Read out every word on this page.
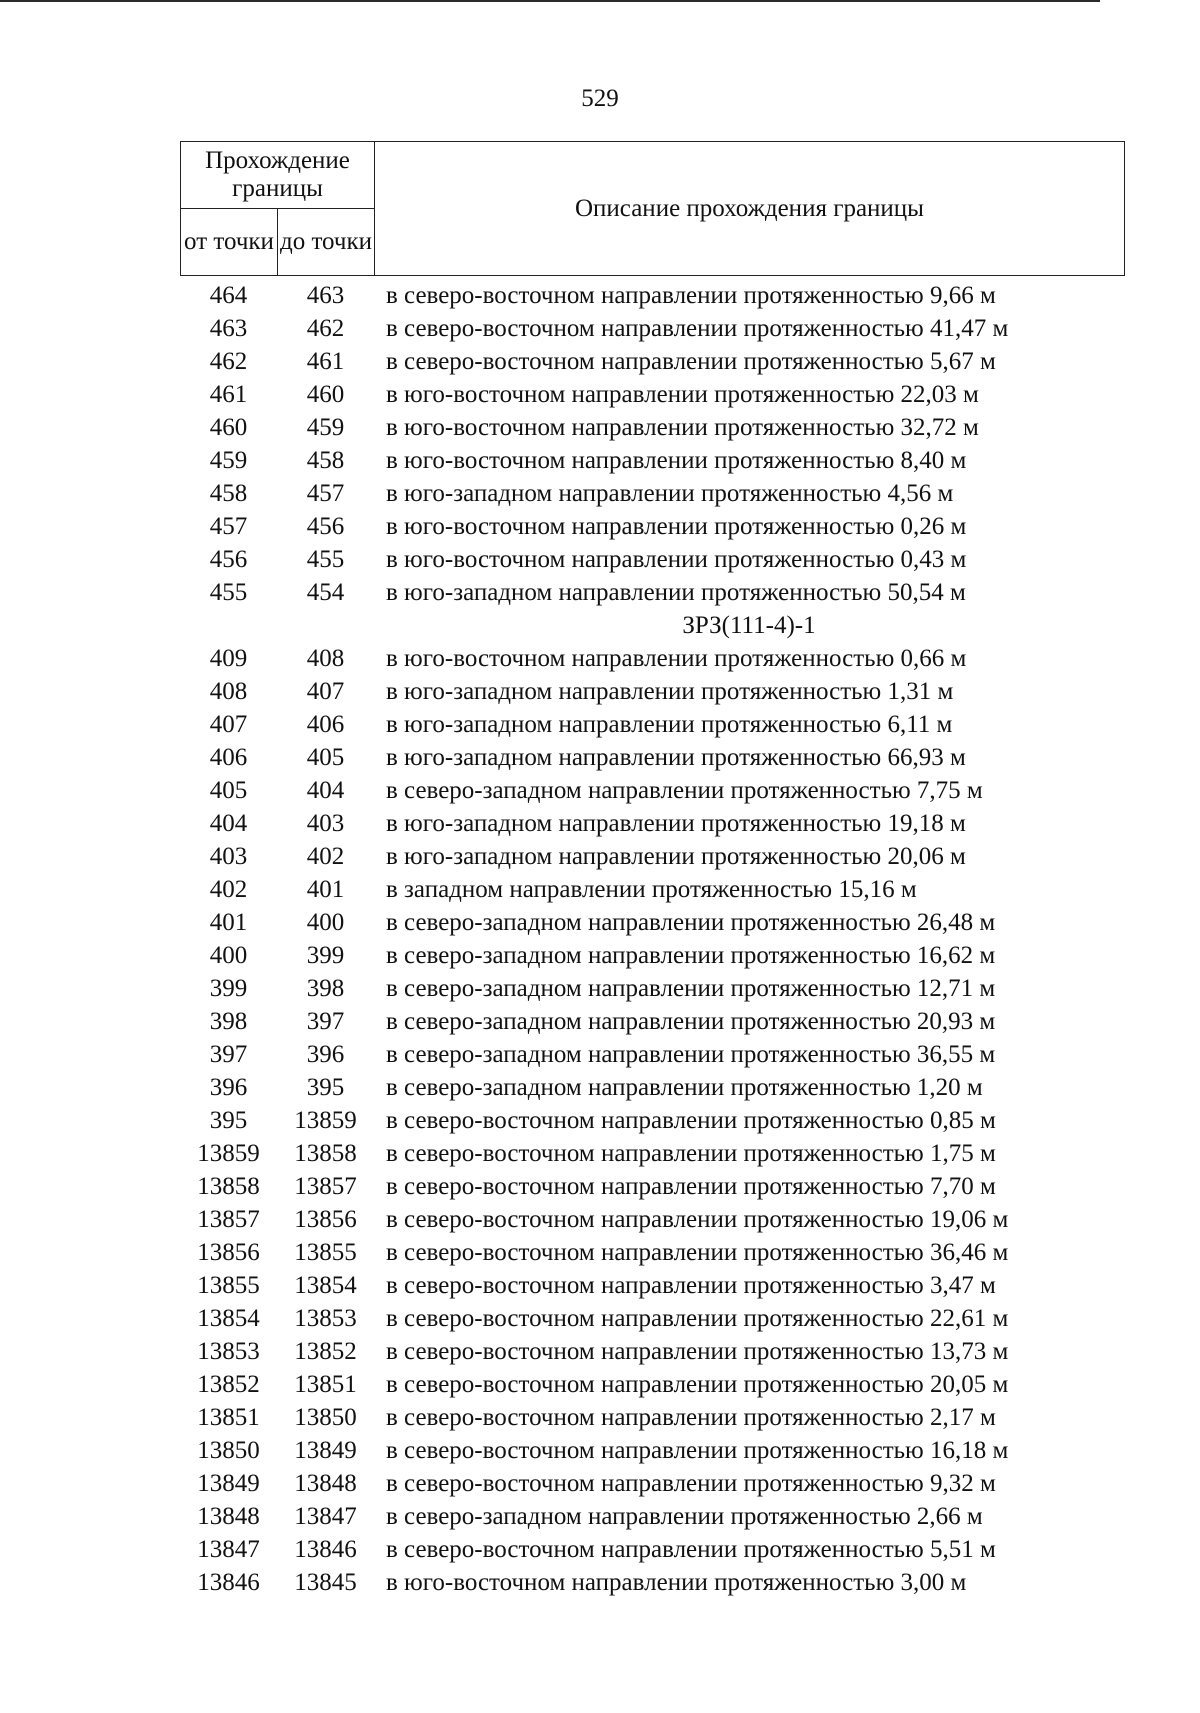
529
Прохождение границы		Описание прохождения границы
от точки	до точки	
464	463	в северо-восточном направлении протяженностью 9,66 м
463	462	в северо-восточном направлении протяженностью 41,47 м
462	461	в северо-восточном направлении протяженностью 5,67 м
461	460	в юго-восточном направлении протяженностью 22,03 м
460	459	в юго-восточном направлении протяженностью 32,72 м
459	458	в юго-восточном направлении протяженностью 8,40 м
458	457	в юго-западном направлении протяженностью 4,56 м
457	456	в юго-восточном направлении протяженностью 0,26 м
456	455	в юго-восточном направлении протяженностью 0,43 м
455	454	в юго-западном направлении протяженностью 50,54 м
ЗРЗ(111-4)-1
409	408	в юго-восточном направлении протяженностью 0,66 м
408	407	в юго-западном направлении протяженностью 1,31 м
407	406	в юго-западном направлении протяженностью 6,11 м
406	405	в юго-западном направлении протяженностью 66,93 м
405	404	в северо-западном направлении протяженностью 7,75 м
404	403	в юго-западном направлении протяженностью 19,18 м
403	402	в юго-западном направлении протяженностью 20,06 м
402	401	в западном направлении протяженностью 15,16 м
401	400	в северо-западном направлении протяженностью 26,48 м
400	399	в северо-западном направлении протяженностью 16,62 м
399	398	в северо-западном направлении протяженностью 12,71 м
398	397	в северо-западном направлении протяженностью 20,93 м
397	396	в северо-западном направлении протяженностью 36,55 м
396	395	в северо-западном направлении протяженностью 1,20 м
395	13859	в северо-восточном направлении протяженностью 0,85 м
13859	13858	в северо-восточном направлении протяженностью 1,75 м
13858	13857	в северо-восточном направлении протяженностью 7,70 м
13857	13856	в северо-восточном направлении протяженностью 19,06 м
13856	13855	в северо-восточном направлении протяженностью 36,46 м
13855	13854	в северо-восточном направлении протяженностью 3,47 м
13854	13853	в северо-восточном направлении протяженностью 22,61 м
13853	13852	в северо-восточном направлении протяженностью 13,73 м
13852	13851	в северо-восточном направлении протяженностью 20,05 м
13851	13850	в северо-восточном направлении протяженностью 2,17 м
13850	13849	в северо-восточном направлении протяженностью 16,18 м
13849	13848	в северо-восточном направлении протяженностью 9,32 м
13848	13847	в северо-западном направлении протяженностью 2,66 м
13847	13846	в северо-восточном направлении протяженностью 5,51 м
13846	13845	в юго-восточном направлении протяженностью 3,00 м
